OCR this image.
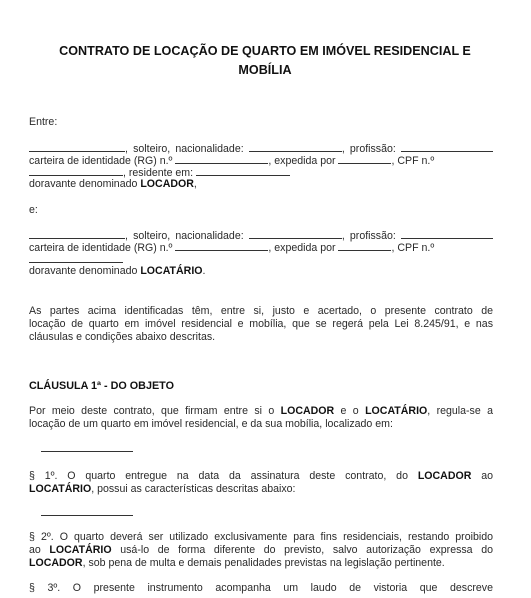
CONTRATO DE LOCAÇÃO DE QUARTO EM IMÓVEL RESIDENCIAL E MOBÍLIA
Entre:
, solteiro, nacionalidade:	, profissão:
carteira de identidade (RG) n.º	, expedida por	, CPF n.º
, residente em:
doravante denominado LOCADOR,
e:
, solteiro, nacionalidade:	, profissão:
carteira de identidade (RG) n.º	, expedida por	, CPF n.º
doravante denominado LOCATÁRIO.
As partes acima identificadas têm, entre si, justo e acertado, o presente contrato de
locação de quarto em imóvel residencial e mobília, que se regerá pela Lei 8.245/91, e nas
cláusulas e condições abaixo descritas.
CLÁUSULA 1ª - DO OBJETO
Por meio deste contrato, que firmam entre si o LOCADOR e o LOCATÁRIO, regula-se a
locação de um quarto em imóvel residencial, e da sua mobília, localizado em:
§ 1º. O quarto entregue na data da assinatura deste contrato, do LOCADOR ao
LOCATÁRIO, possui as características descritas abaixo:
§ 2º. O quarto deverá ser utilizado exclusivamente para fins residenciais, restando proibido
ao LOCATÁRIO usá-lo de forma diferente do previsto, salvo autorização expressa do
LOCADOR, sob pena de multa e demais penalidades previstas na legislação pertinente.
§ 3º. O presente instrumento acompanha um laudo de vistoria que descreve
